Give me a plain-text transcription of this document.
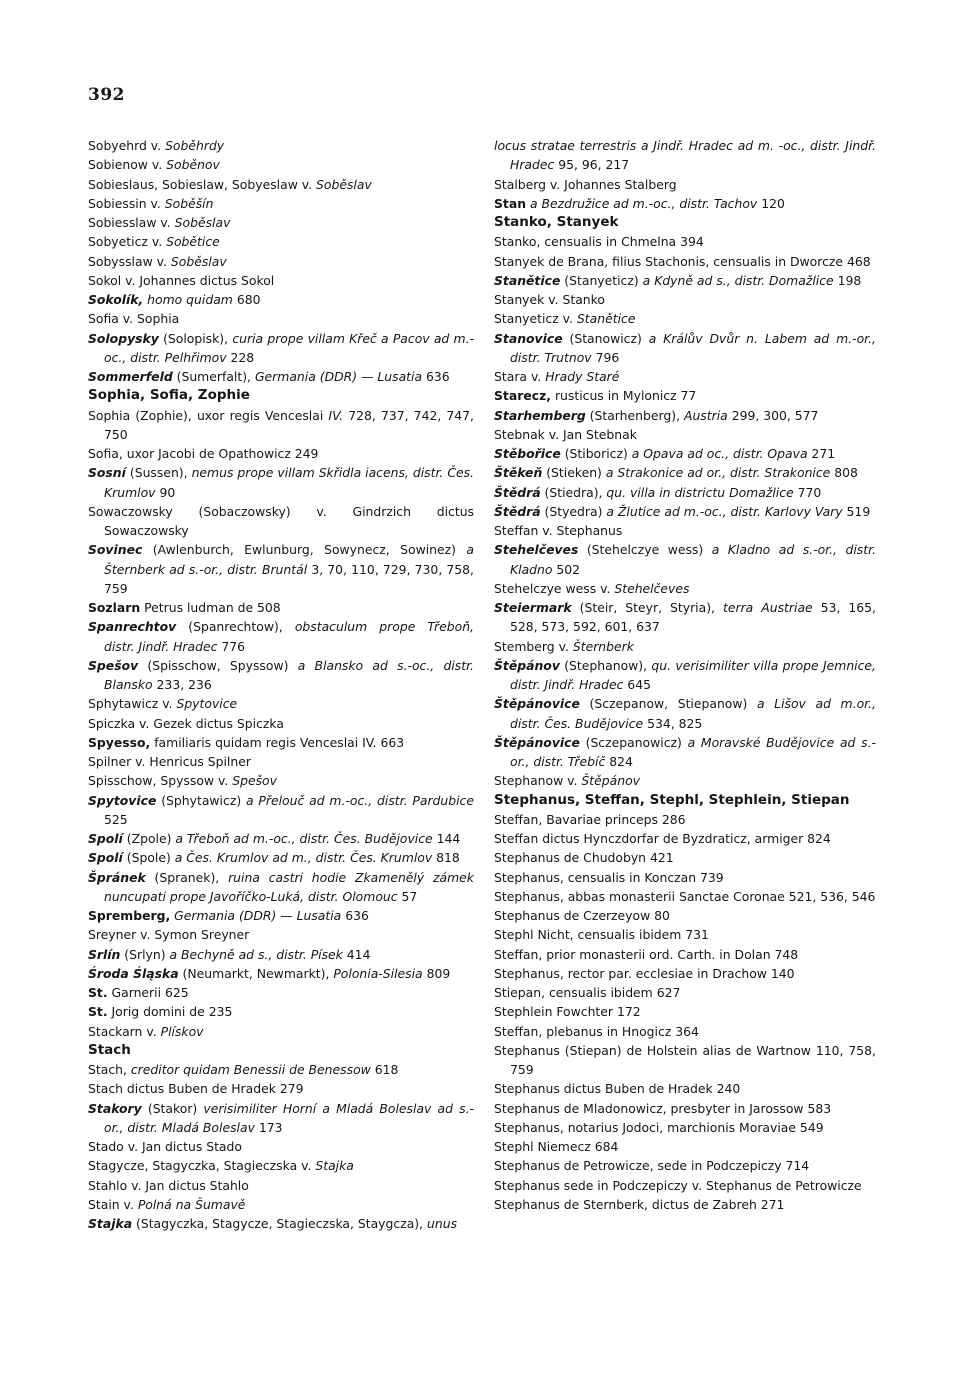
392
Sobyehrd v. Soběhrdy
Sobienow v. Soběnov
Sobieslaus, Sobieslaw, Sobyeslaw v. Soběslav
Sobiessin v. Soběšín
Sobiesslaw v. Soběslav
Sobyeticz v. Sobětice
Sobysslaw v. Soběslav
Sokol v. Johannes dictus Sokol
Sokolík, homo quidam 680
Sofia v. Sophia
Solopysky (Solopisk), curia prope villam Křeč a Pacov ad m.-oc., distr. Pelhřimov 228
Sommerfeld (Sumerfalt), Germania (DDR) — Lusatia 636
Sophia, Sofia, Zophie
Sophia (Zophie), uxor regis Venceslai IV. 728, 737, 742, 747, 750
Sofia, uxor Jacobi de Opathowicz 249
Sosní (Sussen), nemus prope villam Skřidla iacens, distr. Čes. Krumlov 90
Sowaczowsky (Sobaczowsky) v. Gindrzich dictus Sowaczowsky
Sovinec (Awlenburch, Ewlunburg, Sowynecz, Sowinez) a Šternberk ad s.-or., distr. Bruntál 3, 70, 110, 729, 730, 758, 759
Sozlarn Petrus ludman de 508
Spanrechtov (Spanrechtow), obstaculum prope Třeboň, distr. Jindř. Hradec 776
Spešov (Spisschow, Spyssow) a Blansko ad s.-oc., distr. Blansko 233, 236
Sphytawicz v. Spytovice
Spiczka v. Gezek dictus Spiczka
Spyesso, familiaris quidam regis Venceslai IV. 663
Spilner v. Henricus Spilner
Spisschow, Spyssow v. Spešov
Spytovice (Sphytawicz) a Přelouč ad m.-oc., distr. Pardubice 525
Spolí (Zpole) a Třeboň ad m.-oc., distr. Čes. Budějovice 144
Spolí (Spole) a Čes. Krumlov ad m., distr. Čes. Krumlov 818
Špránek (Spranek), ruina castri hodie Zkamenělý zámek nuncupati prope Javoříčko-Luká, distr. Olomouc 57
Spremberg, Germania (DDR) — Lusatia 636
Sreyner v. Symon Sreyner
Srlín (Srlyn) a Bechyně ad s., distr. Písek 414
Środa Śląska (Neumarkt, Newmarkt), Polonia-Silesia 809
St. Garnerii 625
St. Jorig domini de 235
Stackarn v. Plískov
Stach
Stach, creditor quidam Benessii de Benessow 618
Stach dictus Buben de Hradek 279
Stakory (Stakor) verisimiliter Horní a Mladá Boleslav ad s.-or., distr. Mladá Boleslav 173
Stado v. Jan dictus Stado
Stagycze, Stagyczka, Stagieczska v. Stajka
Stahlo v. Jan dictus Stahlo
Stain v. Polná na Šumavě
Stajka (Stagyczka, Stagycze, Stagieczska, Staygcza), unus
locus stratae terrestris a Jindř. Hradec ad m. -oc., distr. Jindř. Hradec 95, 96, 217
Stalberg v. Johannes Stalberg
Stan a Bezdružice ad m.-oc., distr. Tachov 120
Stanko, Stanyek
Stanko, censualis in Chmelna 394
Stanyek de Brana, filius Stachonis, censualis in Dworcze 468
Stanětice (Stanyeticz) a Kdyně ad s., distr. Domažlice 198
Stanyek v. Stanko
Stanyeticz v. Stanětice
Stanovice (Stanowicz) a Králův Dvůr n. Labem ad m.-or., distr. Trutnov 796
Stara v. Hrady Staré
Starecz, rusticus in Mylonicz 77
Starhemberg (Starhenberg), Austria 299, 300, 577
Stebnak v. Jan Stebnak
Stěbořice (Stiboricz) a Opava ad oc., distr. Opava 271
Štěkeň (Stieken) a Strakonice ad or., distr. Strakonice 808
Štědrá (Stiedra), qu. villa in districtu Domažlice 770
Štědrá (Styedra) a Žlutice ad m.-oc., distr. Karlovy Vary 519
Steffan v. Stephanus
Stehelčeves (Stehelczye wess) a Kladno ad s.-or., distr. Kladno 502
Stehelczye wess v. Stehelčeves
Steiermark (Steir, Steyr, Styria), terra Austriae 53, 165, 528, 573, 592, 601, 637
Stemberg v. Šternberk
Štěpánov (Stephanow), qu. verisimiliter villa prope Jemnice, distr. Jindř. Hradec 645
Štěpánovice (Sczepanow, Stiepanow) a Lišov ad m.or., distr. Čes. Budějovice 534, 825
Štěpánovice (Sczepanowicz) a Moravské Budějovice ad s.-or., distr. Třebíč 824
Stephanow v. Štěpánov
Stephanus, Steffan, Stephl, Stephlein, Stiepan
Steffan, Bavariae princeps 286
Steffan dictus Hynczdorfar de Byzdraticz, armiger 824
Stephanus de Chudobyn 421
Stephanus, censualis in Konczan 739
Stephanus, abbas monasterii Sanctae Coronae 521, 536, 546
Stephanus de Czerzeyow 80
Stephl Nicht, censualis ibidem 731
Steffan, prior monasterii ord. Carth. in Dolan 748
Stephanus, rector par. ecclesiae in Drachow 140
Stiepan, censualis ibidem 627
Stephlein Fowchter 172
Steffan, plebanus in Hnogicz 364
Stephanus (Stiepan) de Holstein alias de Wartnow 110, 758, 759
Stephanus dictus Buben de Hradek 240
Stephanus de Mladonowicz, presbyter in Jarossow 583
Stephanus, notarius Jodoci, marchionis Moraviae 549
Stephl Niemecz 684
Stephanus de Petrowicze, sede in Podczepiczy 714
Stephanus sede in Podczepiczy v. Stephanus de Petrowicze
Stephanus de Sternberk, dictus de Zabreh 271
